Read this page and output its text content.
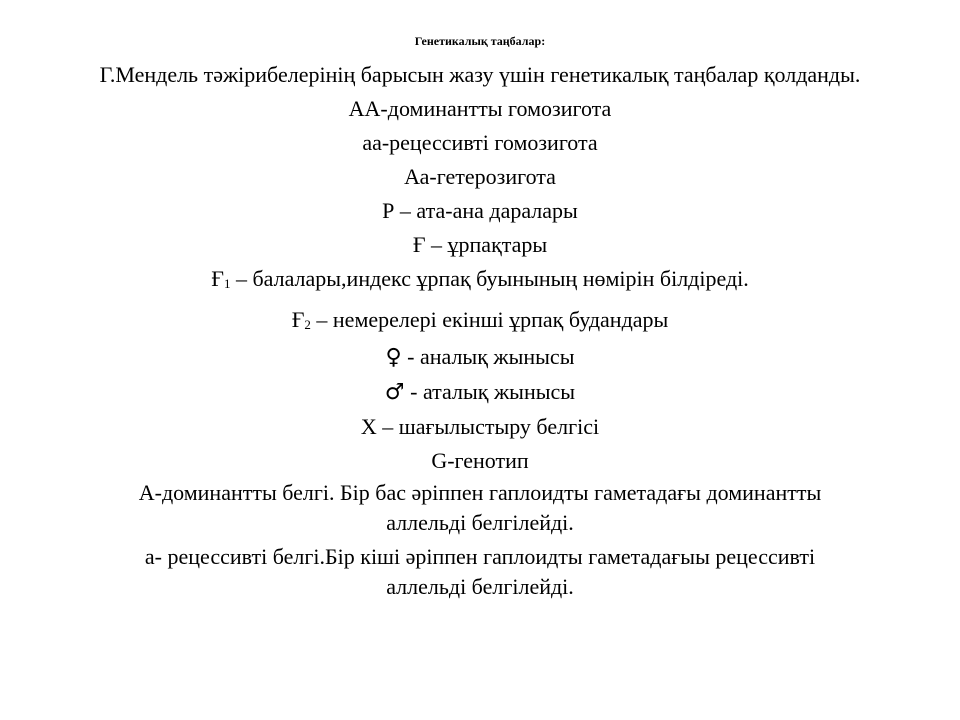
Генетикалық таңбалар:
Г.Мендель тәжірибелерінің барысын жазу үшін генетикалық таңбалар қолданды.
АА-доминантты гомозигота
аа-рецессивті гомозигота
Аа-гетерозигота
Р – ата-ана даралары
Ғ – ұрпақтары
$Ғ_1$ – балалары,индекс ұрпақ буынының нөмірін білдіреді.
$Ғ_2$ – немерелері екінші ұрпақ будандары
♀ - аналық жынысы
♂ - аталық жынысы
Х – шағылыстыру белгісі
G-генотип
А-доминантты белгі. Бір бас әріппен гаплоидты гаметадағы доминантты
аллельді белгілейді.
а- рецессивті белгі.Бір кіші әріппен гаплоидты гаметадағыы рецессивті
аллельді белгілейді.
